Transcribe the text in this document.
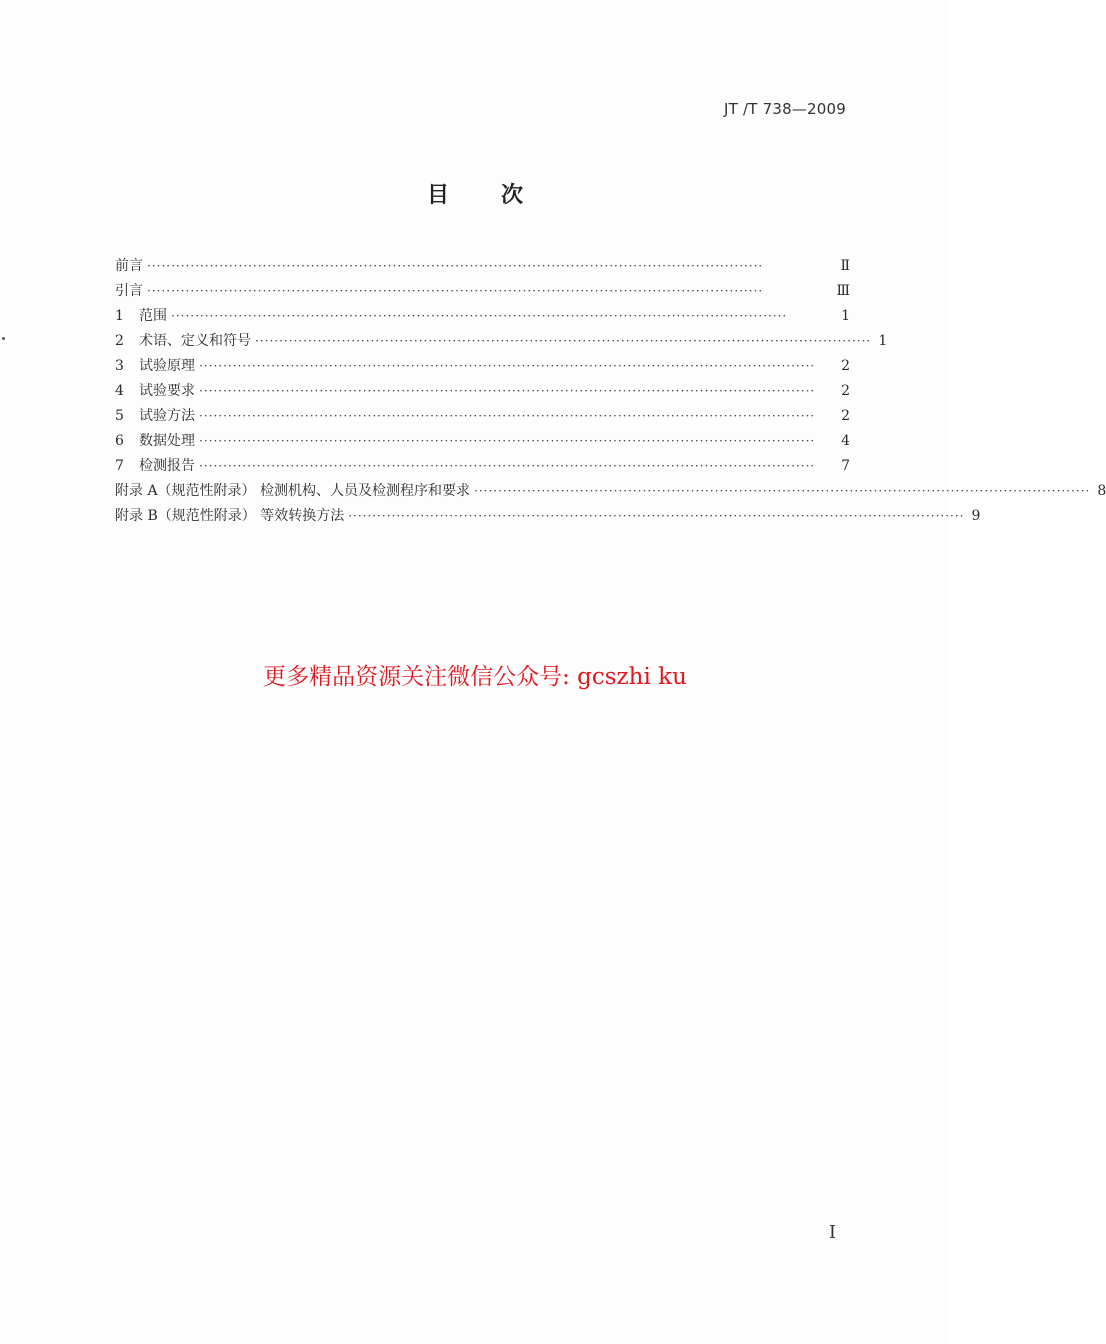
JT /T 738—2009
目次
前言 ································································································································	Ⅱ
引言 ································································································································	Ⅲ
1	范围 ································································································································	1
2	术语、定义和符号 ································································································································ 1
3	试验原理 ································································································································	2
4	试验要求 ································································································································	2
5	试验方法 ································································································································	2
6	数据处理 ································································································································	4
7	检测报告 ································································································································	7
附录 A（规范性附录） 检测机构、人员及检测程序和要求 ································································································································ 8
附录 B（规范性附录） 等效转换方法 ································································································································ 9
更多精品资源关注微信公众号: gcszhi ku
I
